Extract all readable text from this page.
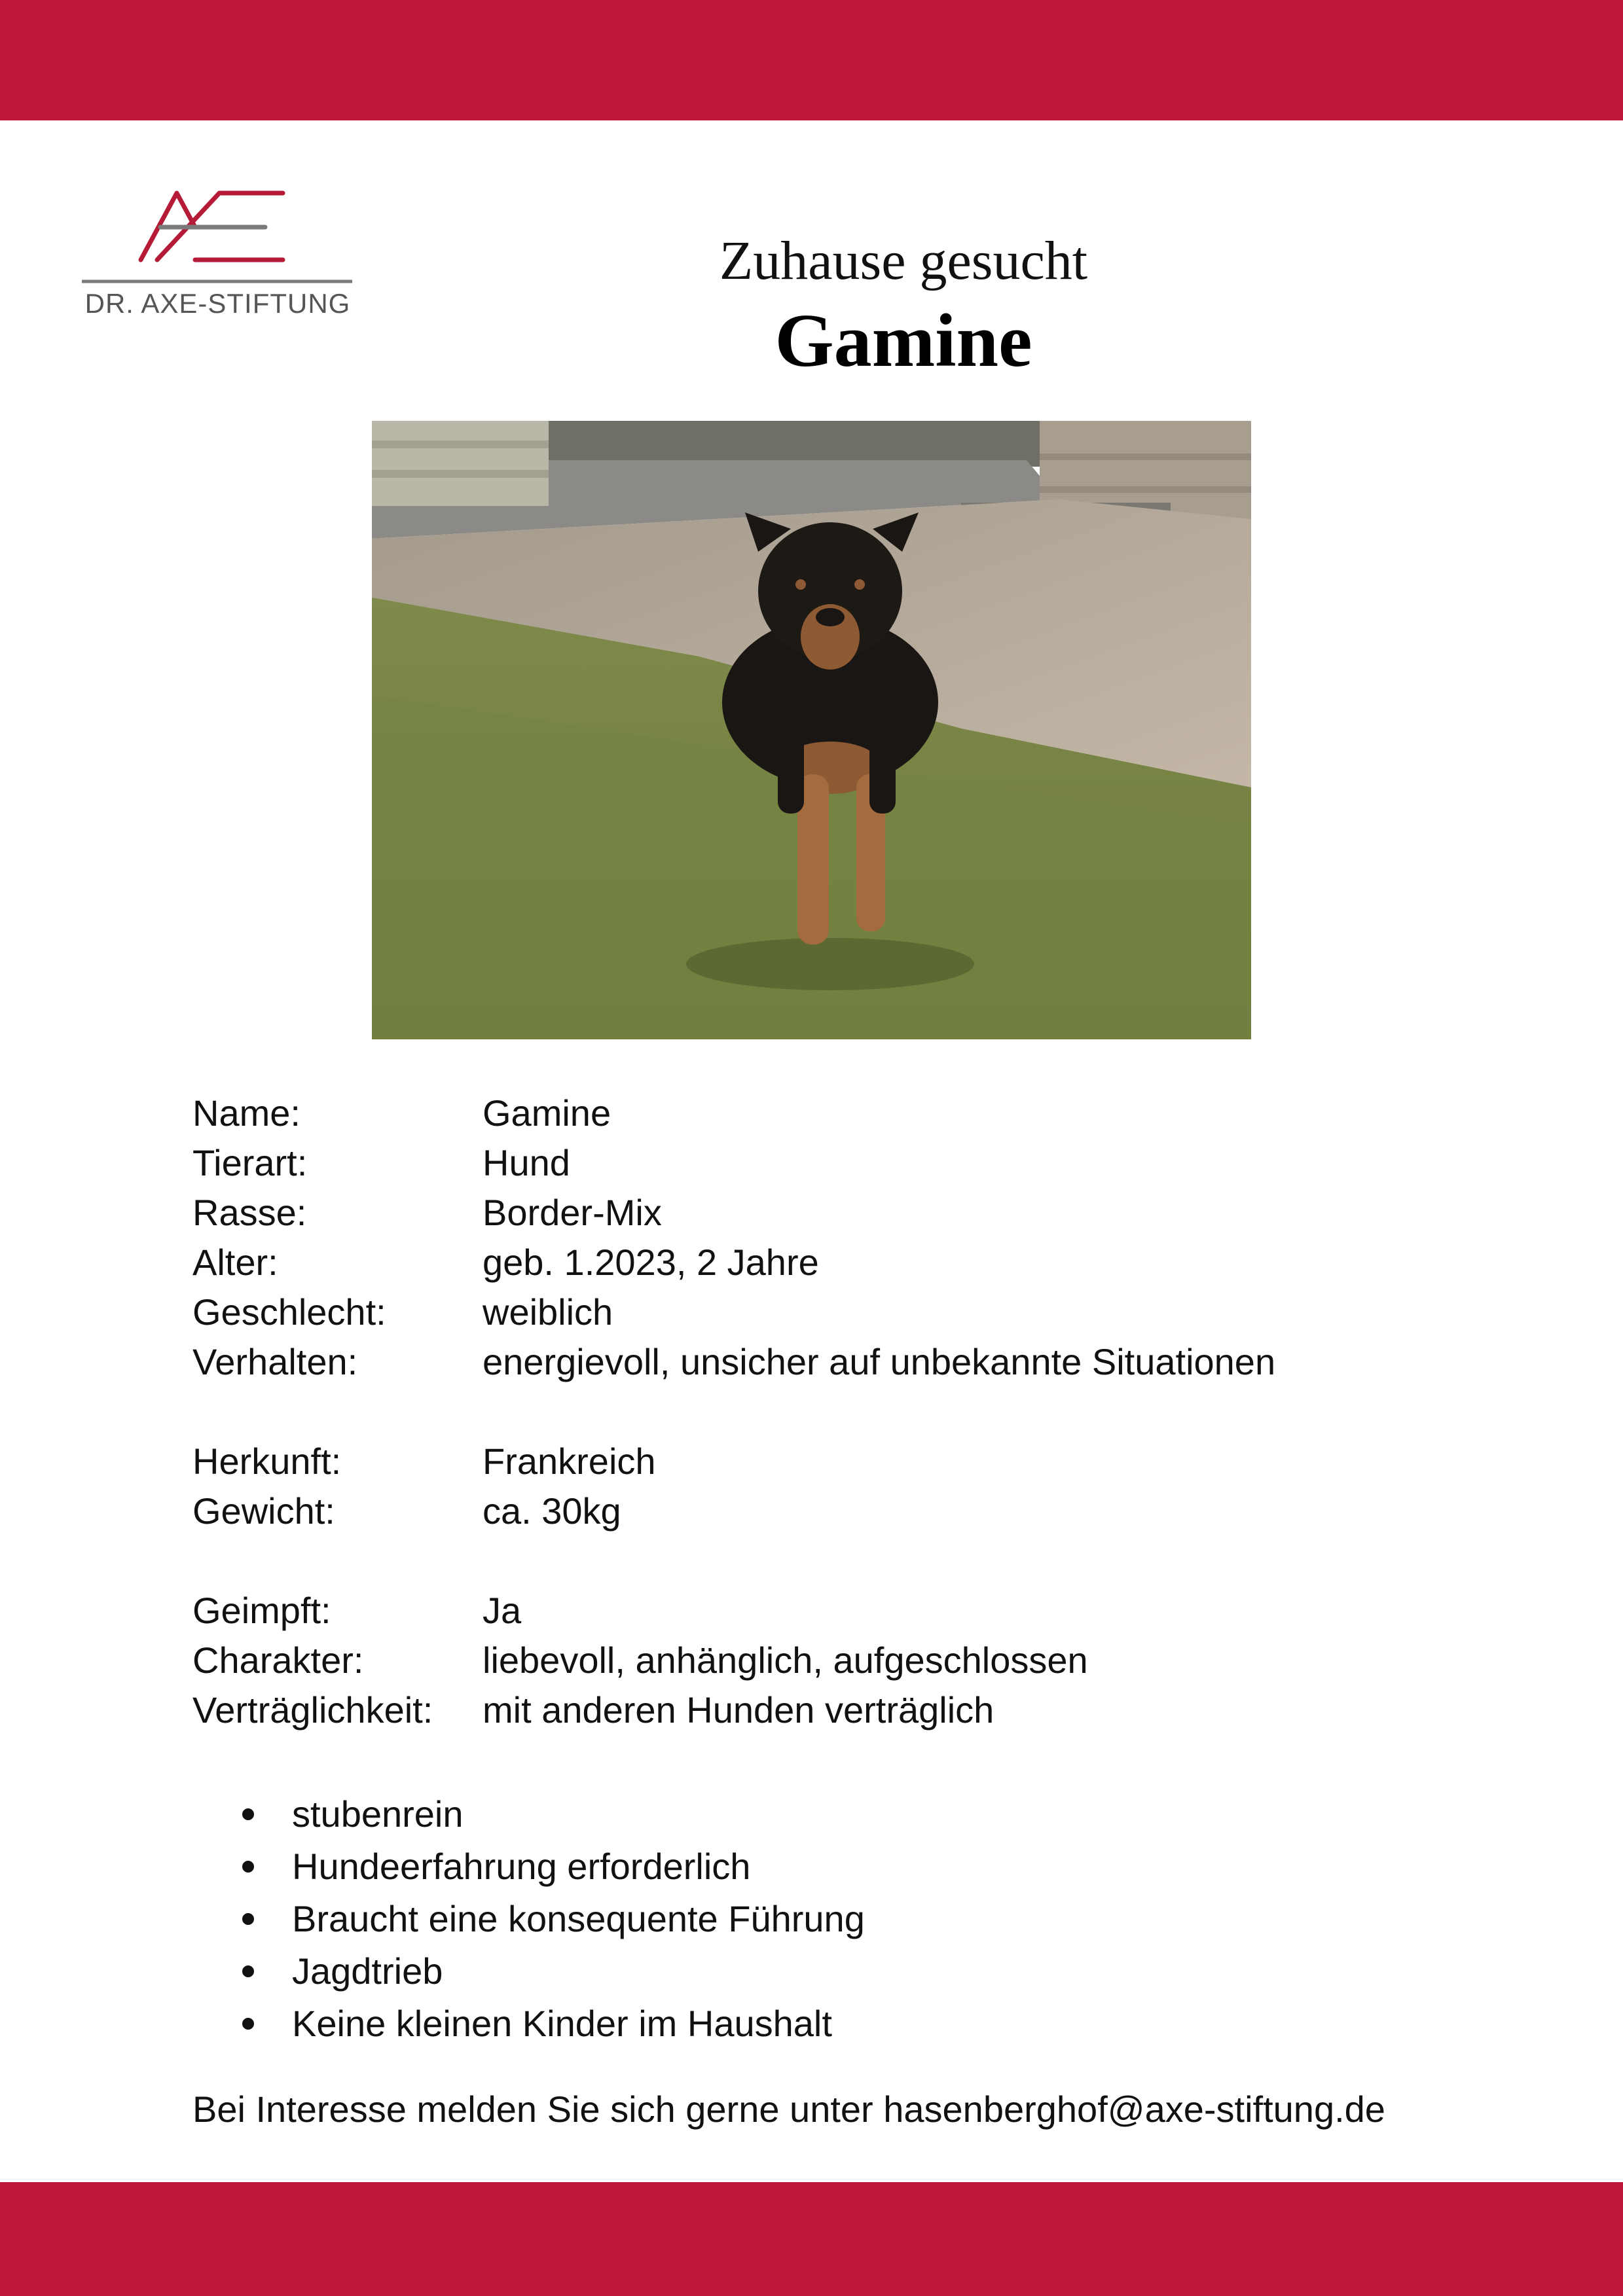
DR. AXE-STIFTUNG
Zuhause gesucht
Gamine
Name:	Gamine
Tierart:	Hund
Rasse:	Border-Mix
Alter:	geb. 1.2023, 2 Jahre
Geschlecht:	weiblich
Verhalten:	energievoll, unsicher auf unbekannte Situationen
Herkunft:	Frankreich
Gewicht:	ca. 30kg
Geimpft:	Ja
Charakter:	liebevoll, anhänglich, aufgeschlossen
Verträglichkeit:	mit anderen Hunden verträglich
stubenrein
Hundeerfahrung erforderlich
Braucht eine konsequente Führung
Jagdtrieb
Keine kleinen Kinder im Haushalt
Bei Interesse melden Sie sich gerne unter hasenberghof@axe-stiftung.de
